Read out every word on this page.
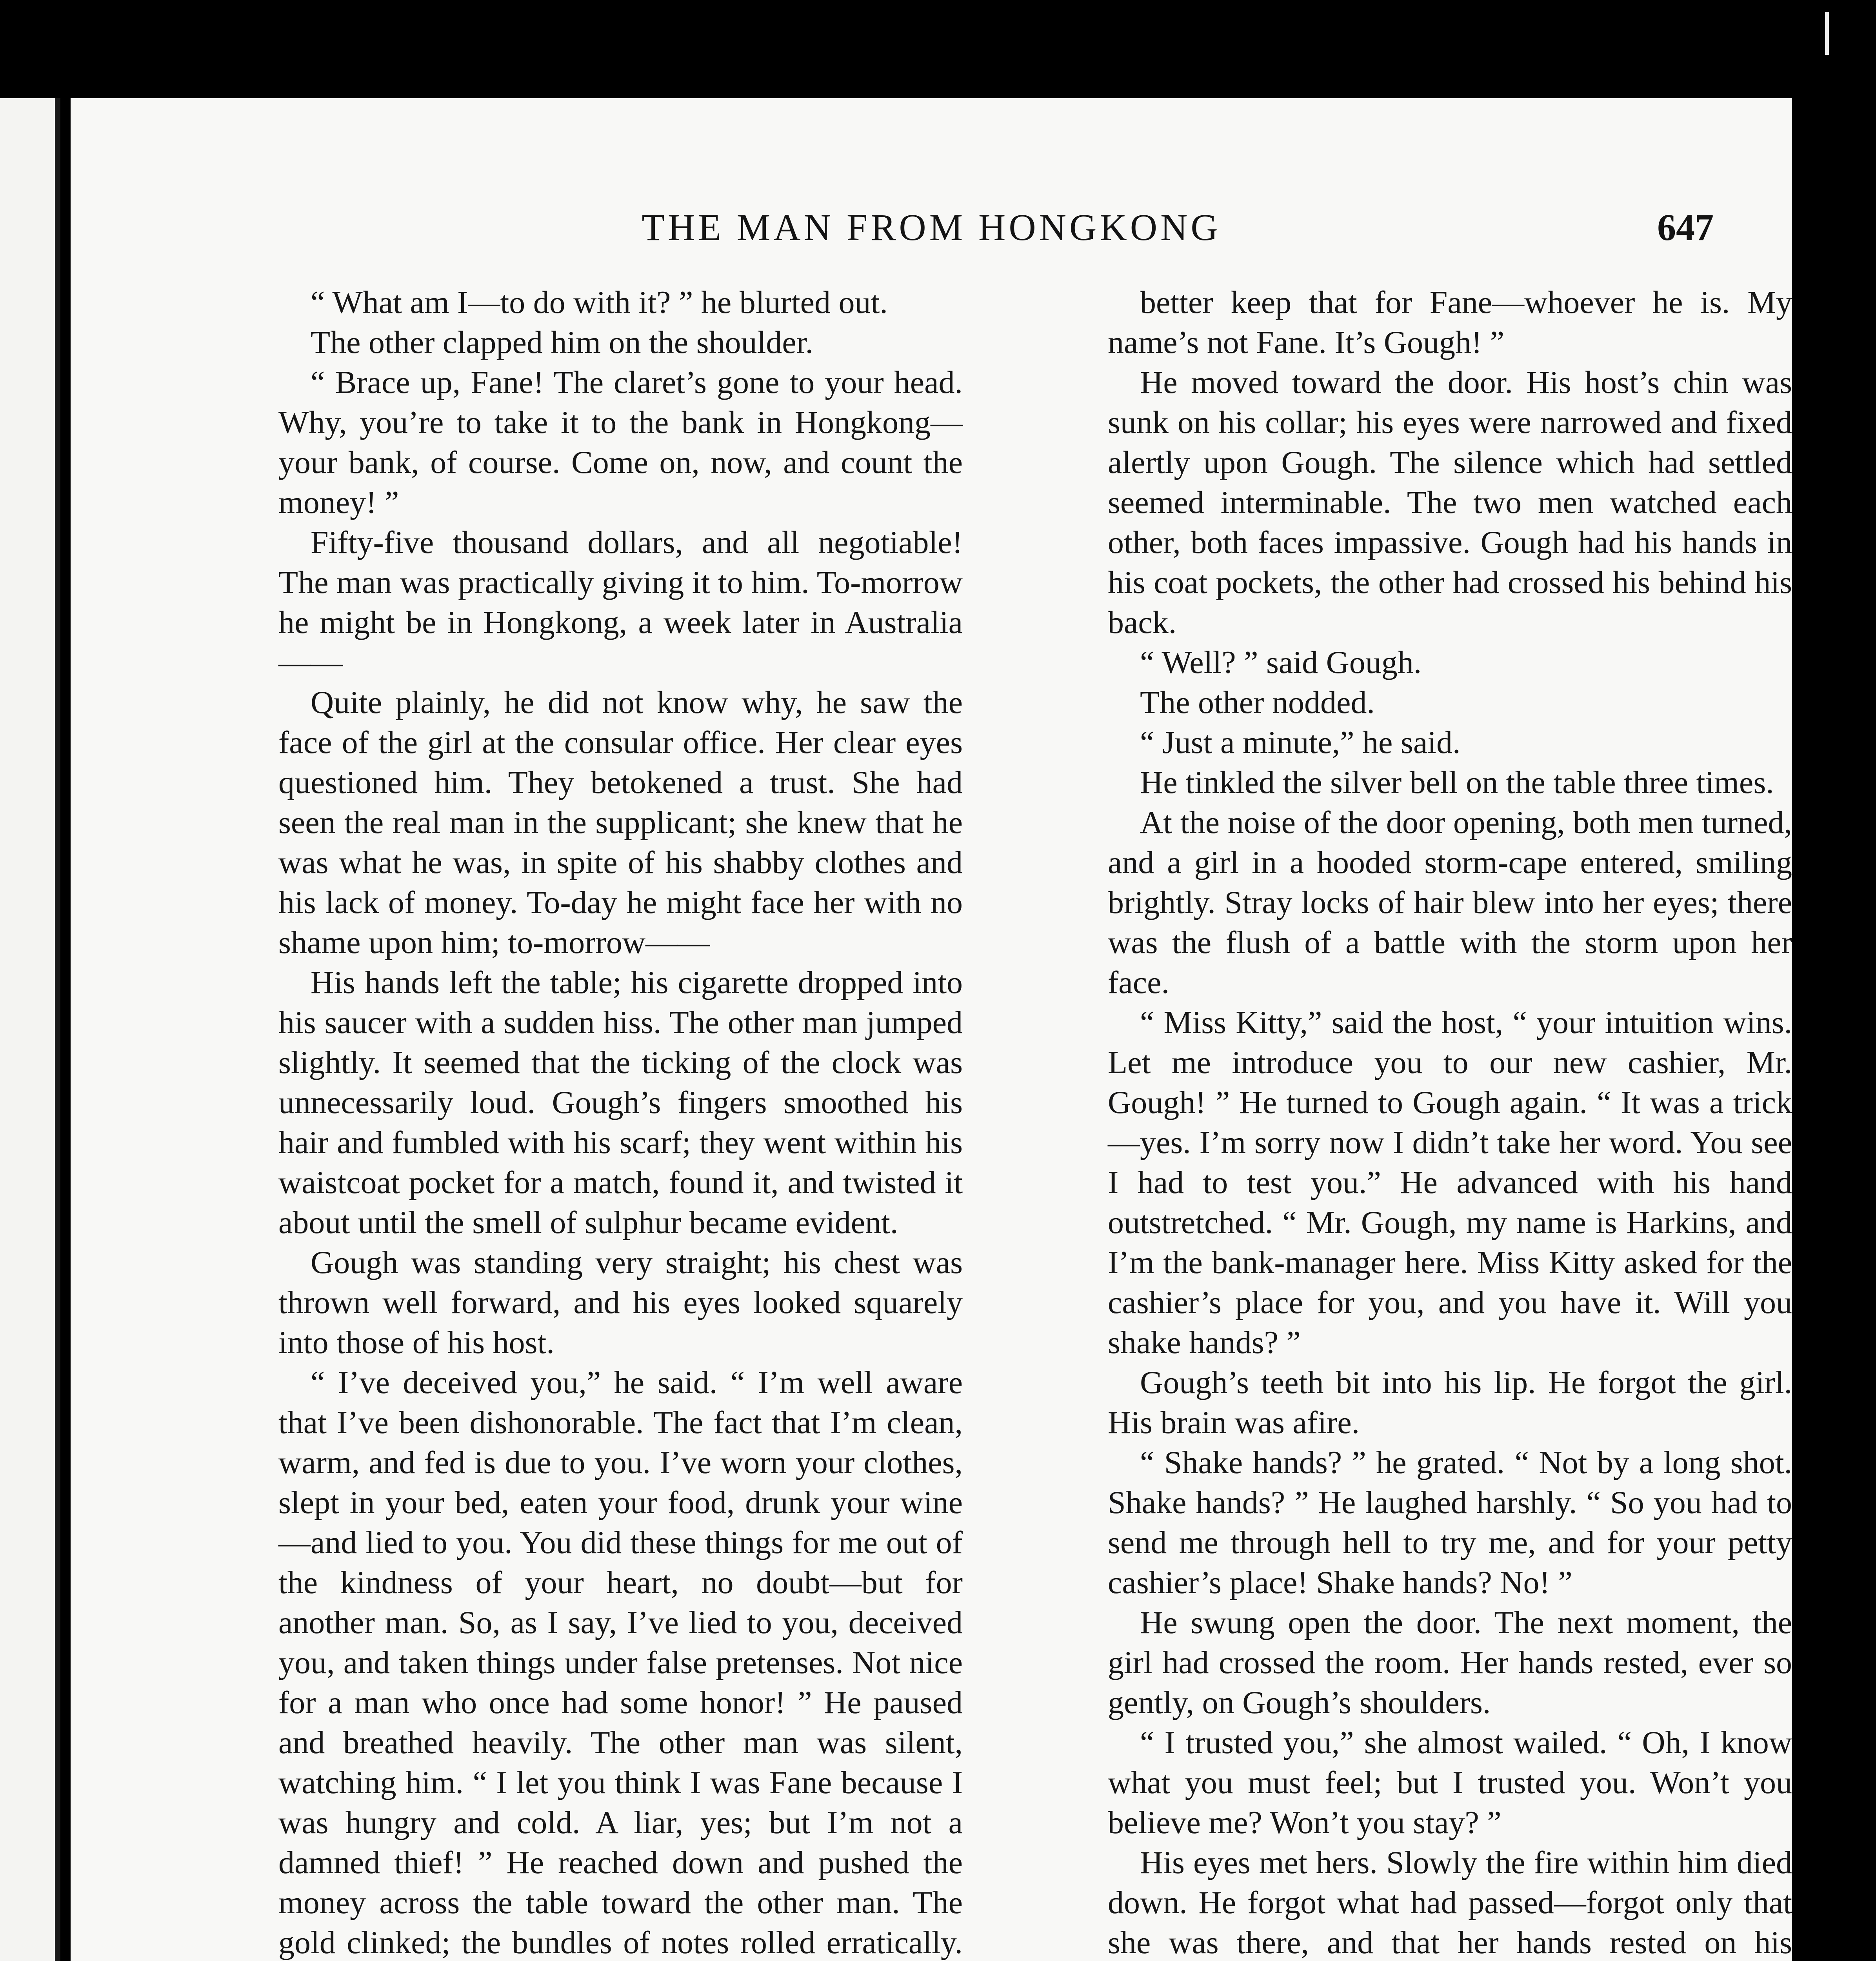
THE MAN FROM HONGKONG	647

“ What am I—to do with it? ” he blurted out.

The other clapped him on the shoulder.

“ Brace up, Fane! The claret’s gone to your head. Why, you’re to take it to the bank in Hongkong—your bank, of course. Come on, now, and count the money! ”

Fifty-five thousand dollars, and all negotiable! The man was practically giving it to him. To-morrow he might be in Hongkong, a week later in Australia——

Quite plainly, he did not know why, he saw the face of the girl at the consular office. Her clear eyes questioned him. They betokened a trust. She had seen the real man in the supplicant; she knew that he was what he was, in spite of his shabby clothes and his lack of money. To-day he might face her with no shame upon him; to-morrow——

His hands left the table; his cigarette dropped into his saucer with a sudden hiss. The other man jumped slightly. It seemed that the ticking of the clock was unnecessarily loud. Gough’s fingers smoothed his hair and fumbled with his scarf; they went within his waistcoat pocket for a match, found it, and twisted it about until the smell of sulphur became evident.

Gough was standing very straight; his chest was thrown well forward, and his eyes looked squarely into those of his host.

“ I’ve deceived you,” he said. “ I’m well aware that I’ve been dishonorable. The fact that I’m clean, warm, and fed is due to you. I’ve worn your clothes, slept in your bed, eaten your food, drunk your wine—and lied to you. You did these things for me out of the kindness of your heart, no doubt—but for another man. So, as I say, I’ve lied to you, deceived you, and taken things under false pretenses. Not nice for a man who once had some honor! ” He paused and breathed heavily. The other man was silent, watching him. “ I let you think I was Fane because I was hungry and cold. A liar, yes; but I’m not a damned thief! ” He reached down and pushed the money across the table toward the other man. The gold clinked; the bundles of notes rolled erratically.

better keep that for Fane—whoever he is. My name’s not Fane. It’s Gough! ”

He moved toward the door. His host’s chin was sunk on his collar; his eyes were narrowed and fixed alertly upon Gough. The silence which had settled seemed interminable. The two men watched each other, both faces impassive. Gough had his hands in his coat pockets, the other had crossed his behind his back.

“ Well? ” said Gough.

The other nodded.

“ Just a minute,” he said.

He tinkled the silver bell on the table three times.

At the noise of the door opening, both men turned, and a girl in a hooded storm-cape entered, smiling brightly. Stray locks of hair blew into her eyes; there was the flush of a battle with the storm upon her face.

“ Miss Kitty,” said the host, “ your intuition wins. Let me introduce you to our new cashier, Mr. Gough! ” He turned to Gough again. “ It was a trick—yes. I’m sorry now I didn’t take her word. You see I had to test you.” He advanced with his hand outstretched. “ Mr. Gough, my name is Harkins, and I’m the bank-manager here. Miss Kitty asked for the cashier’s place for you, and you have it. Will you shake hands? ”

Gough’s teeth bit into his lip. He forgot the girl. His brain was afire.

“ Shake hands? ” he grated. “ Not by a long shot. Shake hands? ” He laughed harshly. “ So you had to send me through hell to try me, and for your petty cashier’s place! Shake hands? No! ”

He swung open the door. The next moment, the girl had crossed the room. Her hands rested, ever so gently, on Gough’s shoulders.

“ I trusted you,” she almost wailed. “ Oh, I know what you must feel; but I trusted you. Won’t you believe me? Won’t you stay? ”

His eyes met hers. Slowly the fire within him died down. He forgot what had passed—forgot only that she was there, and that her hands rested on his
